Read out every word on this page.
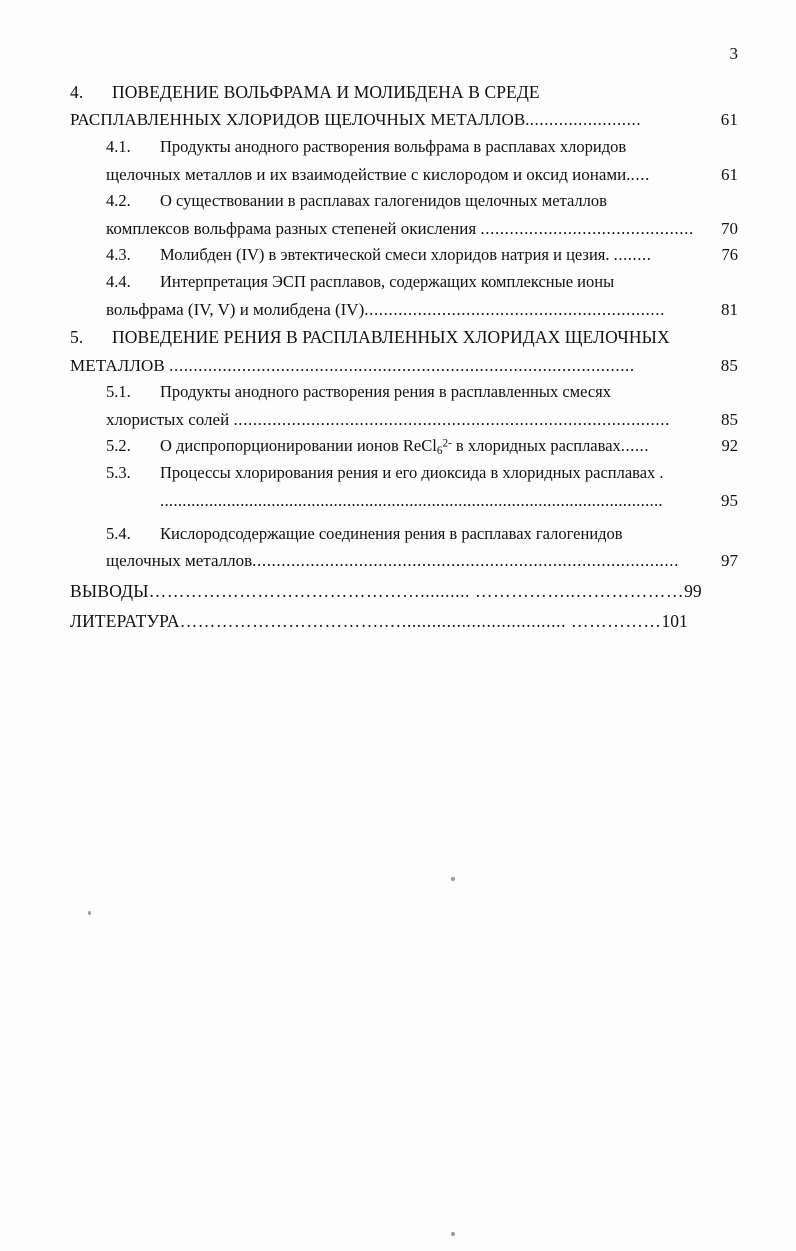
3
4.	ПОВЕДЕНИЕ ВОЛЬФРАМА И МОЛИБДЕНА В СРЕДЕ
РАСПЛАВЛЕННЫХ ХЛОРИДОВ ЩЕЛОЧНЫХ МЕТАЛЛОВ........................	61
4.1.	Продукты анодного растворения вольфрама в расплавах хлоридов
щелочных металлов и их взаимодействие с кислородом и оксид ионами.....	61
4.2.	О существовании в расплавах галогенидов щелочных металлов
комплексов вольфрама разных степеней окисления ............................................	70
4.3.	Молибден (IV) в эвтектической смеси хлоридов натрия и цезия. ........	76
4.4.	Интерпретация ЭСП расплавов, содержащих комплексные ионы
вольфрама (IV, V) и молибдена (IV)..............................................................	81
5.	ПОВЕДЕНИЕ РЕНИЯ В РАСПЛАВЛЕННЫХ ХЛОРИДАХ ЩЕЛОЧНЫХ
МЕТАЛЛОВ ................................................................................................	85
5.1.	Продукты анодного растворения рения в расплавленных смесях
хлористых солей ..........................................................................................	85
5.2.	О диспропорционировании ионов ReCl$_6^{2-}$ в хлоридных расплавах......	92
5.3.	Процессы хлорирования рения и его диоксида в хлоридных расплавах .
.................................................................................................................	95
5.4.	Кислородсодержащие соединения рения в расплавах галогенидов
щелочных металлов........................................................................................	97
ВЫВОДЫ……………………………………….......... ……………..………………99
ЛИТЕРАТУРА…………………………….…................................. ……………101
